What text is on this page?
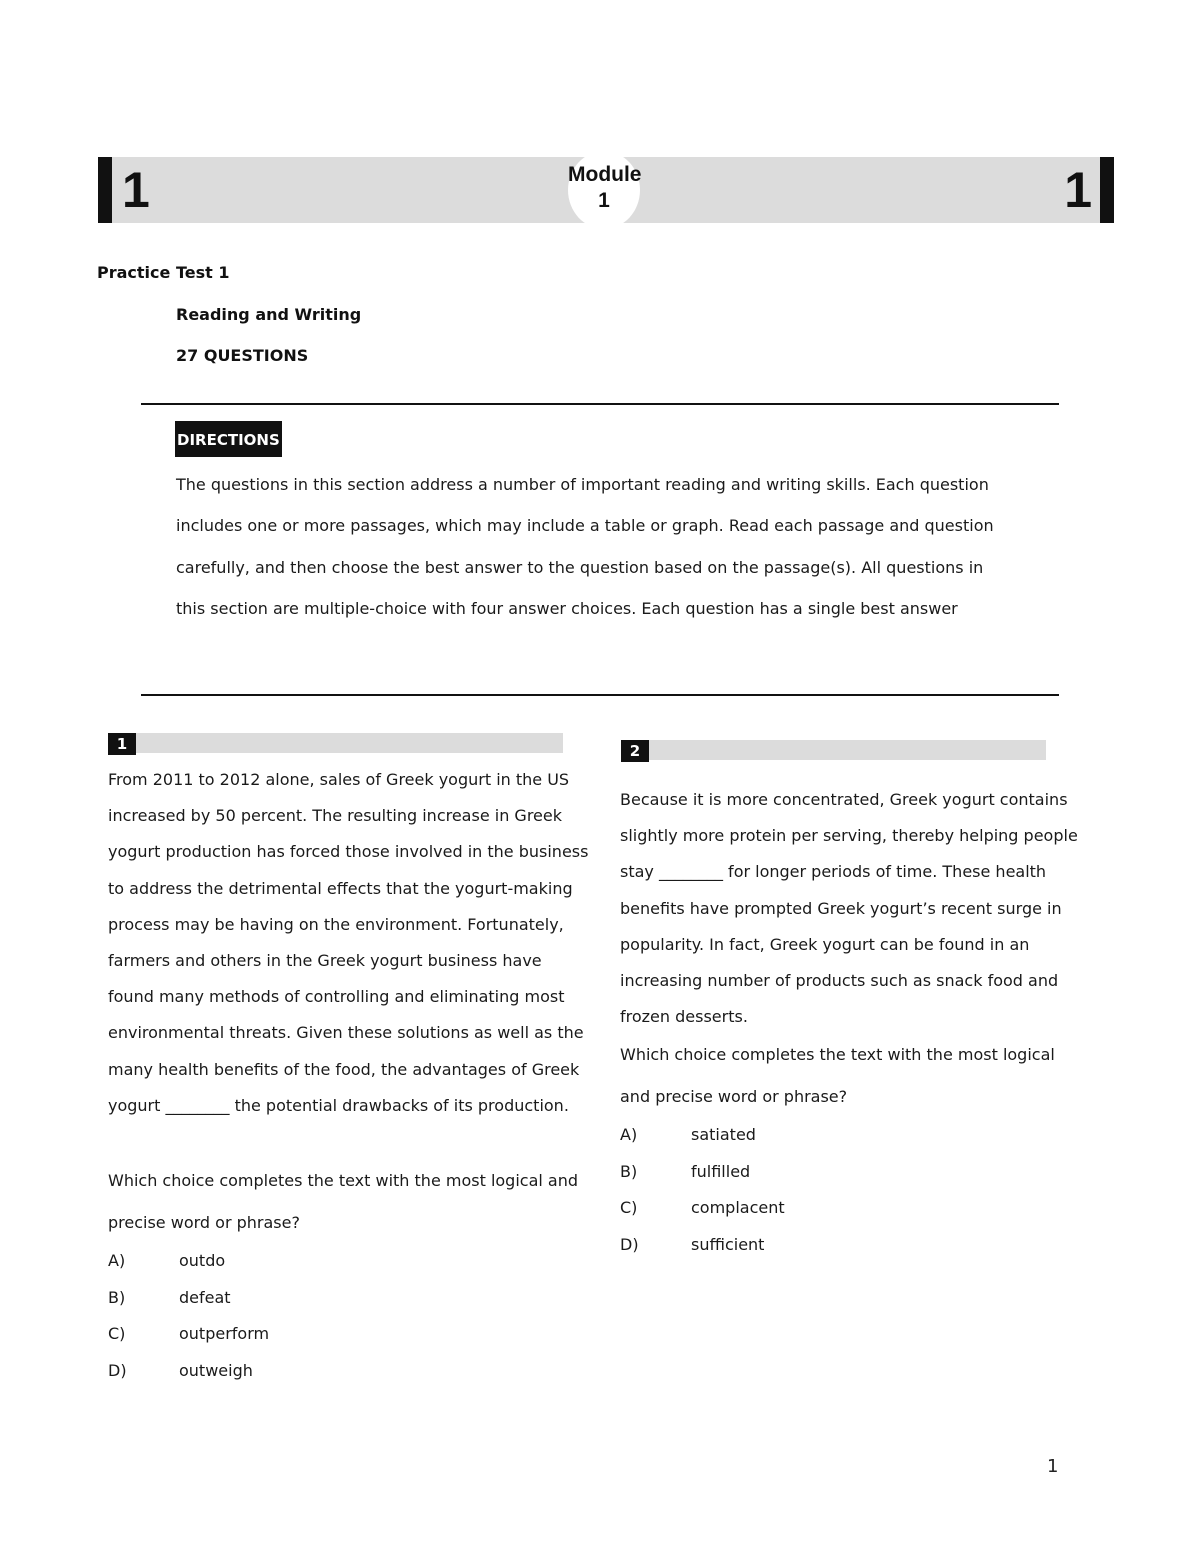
1	Module
1	1
Practice Test 1
Reading and Writing
27 QUESTIONS
DIRECTIONS
The questions in this section address a number of important reading and writing skills. Each question includes one or more passages, which may include a table or graph. Read each passage and question carefully, and then choose the best answer to the question based on the passage(s). All questions in this section are multiple-choice with four answer choices. Each question has a single best answer
1
From 2011 to 2012 alone, sales of Greek yogurt in the US increased by 50 percent. The resulting increase in Greek yogurt production has forced those involved in the business to address the detrimental effects that the yogurt-making process may be having on the environment. Fortunately, farmers and others in the Greek yogurt business have found many methods of controlling and eliminating most environmental threats. Given these solutions as well as the many health benefits of the food, the advantages of Greek yogurt ________ the potential drawbacks of its production.
Which choice completes the text with the most logical and precise word or phrase?
A)	outdo
B)	defeat
C)	outperform
D)	outweigh
2
Because it is more concentrated, Greek yogurt contains slightly more protein per serving, thereby helping people stay ________ for longer periods of time. These health benefits have prompted Greek yogurt’s recent surge in popularity. In fact, Greek yogurt can be found in an increasing number of products such as snack food and frozen desserts.
Which choice completes the text with the most logical and precise word or phrase?
A)	satiated
B)	fulfilled
C)	complacent
D)	sufficient
1
